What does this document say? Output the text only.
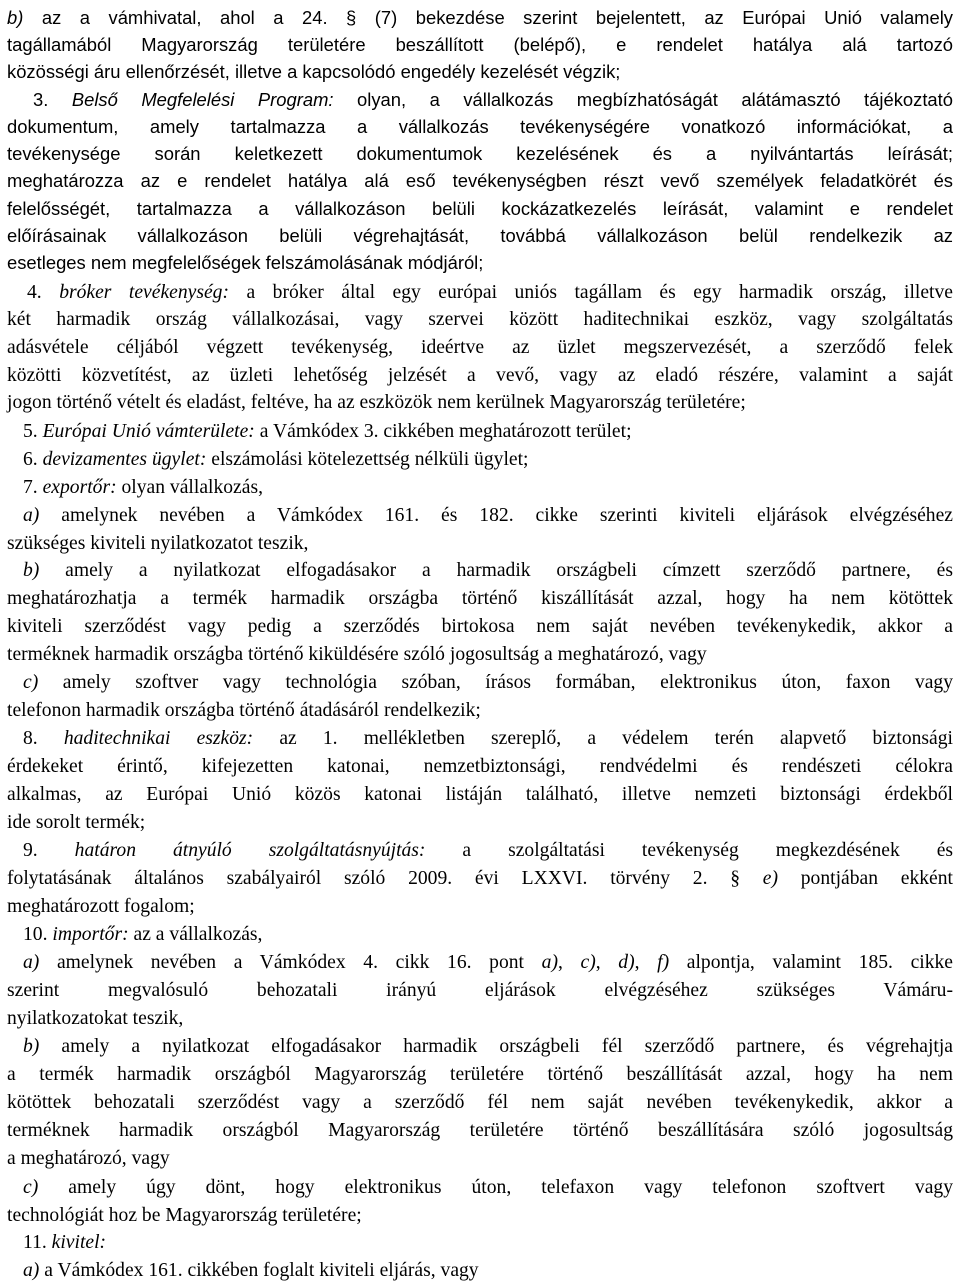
b) az a vámhivatal, ahol a 24. § (7) bekezdése szerint bejelentett, az Európai Unió valamely
tagállamából Magyarország területére beszállított (belépő), e rendelet hatálya alá tartozó
közösségi áru ellenőrzését, illetve a kapcsolódó engedély kezelését végzik;
3. Belső Megfelelési Program: olyan, a vállalkozás megbízhatóságát alátámasztó tájékoztató
dokumentum, amely tartalmazza a vállalkozás tevékenységére vonatkozó információkat, a
tevékenysége során keletkezett dokumentumok kezelésének és a nyilvántartás leírását;
meghatározza az e rendelet hatálya alá eső tevékenységben részt vevő személyek feladatkörét és
felelősségét, tartalmazza a vállalkozáson belüli kockázatkezelés leírását, valamint e rendelet
előírásainak vállalkozáson belüli végrehajtását, továbbá vállalkozáson belül rendelkezik az
esetleges nem megfelelőségek felszámolásának módjáról;
4. bróker tevékenység: a bróker által egy európai uniós tagállam és egy harmadik ország, illetve
két harmadik ország vállalkozásai, vagy szervei között haditechnikai eszköz, vagy szolgáltatás
adásvétele céljából végzett tevékenység, ideértve az üzlet megszervezését, a szerződő felek
közötti közvetítést, az üzleti lehetőség jelzését a vevő, vagy az eladó részére, valamint a saját
jogon történő vételt és eladást, feltéve, ha az eszközök nem kerülnek Magyarország területére;
5. Európai Unió vámterülete: a Vámkódex 3. cikkében meghatározott terület;
6. devizamentes ügylet: elszámolási kötelezettség nélküli ügylet;
7. exportőr: olyan vállalkozás,
a) amelynek nevében a Vámkódex 161. és 182. cikke szerinti kiviteli eljárások elvégzéséhez
szükséges kiviteli nyilatkozatot teszik,
b) amely a nyilatkozat elfogadásakor a harmadik országbeli címzett szerződő partnere, és
meghatározhatja a termék harmadik országba történő kiszállítását azzal, hogy ha nem kötöttek
kiviteli szerződést vagy pedig a szerződés birtokosa nem saját nevében tevékenykedik, akkor a
terméknek harmadik országba történő kiküldésére szóló jogosultság a meghatározó, vagy
c) amely szoftver vagy technológia szóban, írásos formában, elektronikus úton, faxon vagy
telefonon harmadik országba történő átadásáról rendelkezik;
8. haditechnikai eszköz: az 1. mellékletben szereplő, a védelem terén alapvető biztonsági
érdekeket érintő, kifejezetten katonai, nemzetbiztonsági, rendvédelmi és rendészeti célokra
alkalmas, az Európai Unió közös katonai listáján található, illetve nemzeti biztonsági érdekből
ide sorolt termék;
9. határon átnyúló szolgáltatásnyújtás: a szolgáltatási tevékenység megkezdésének és
folytatásának általános szabályairól szóló 2009. évi LXXVI. törvény 2. § e) pontjában ekként
meghatározott fogalom;
10. importőr: az a vállalkozás,
a) amelynek nevében a Vámkódex 4. cikk 16. pont a), c), d), f) alpontja, valamint 185. cikke
szerint megvalósuló behozatali irányú eljárások elvégzéséhez szükséges Vámáru-
nyilatkozatokat teszik,
b) amely a nyilatkozat elfogadásakor harmadik országbeli fél szerződő partnere, és végrehajtja
a termék harmadik országból Magyarország területére történő beszállítását azzal, hogy ha nem
kötöttek behozatali szerződést vagy a szerződő fél nem saját nevében tevékenykedik, akkor a
terméknek harmadik országból Magyarország területére történő beszállítására szóló jogosultság
a meghatározó, vagy
c) amely úgy dönt, hogy elektronikus úton, telefaxon vagy telefonon szoftvert vagy
technológiát hoz be Magyarország területére;
11. kivitel:
a) a Vámkódex 161. cikkében foglalt kiviteli eljárás, vagy
